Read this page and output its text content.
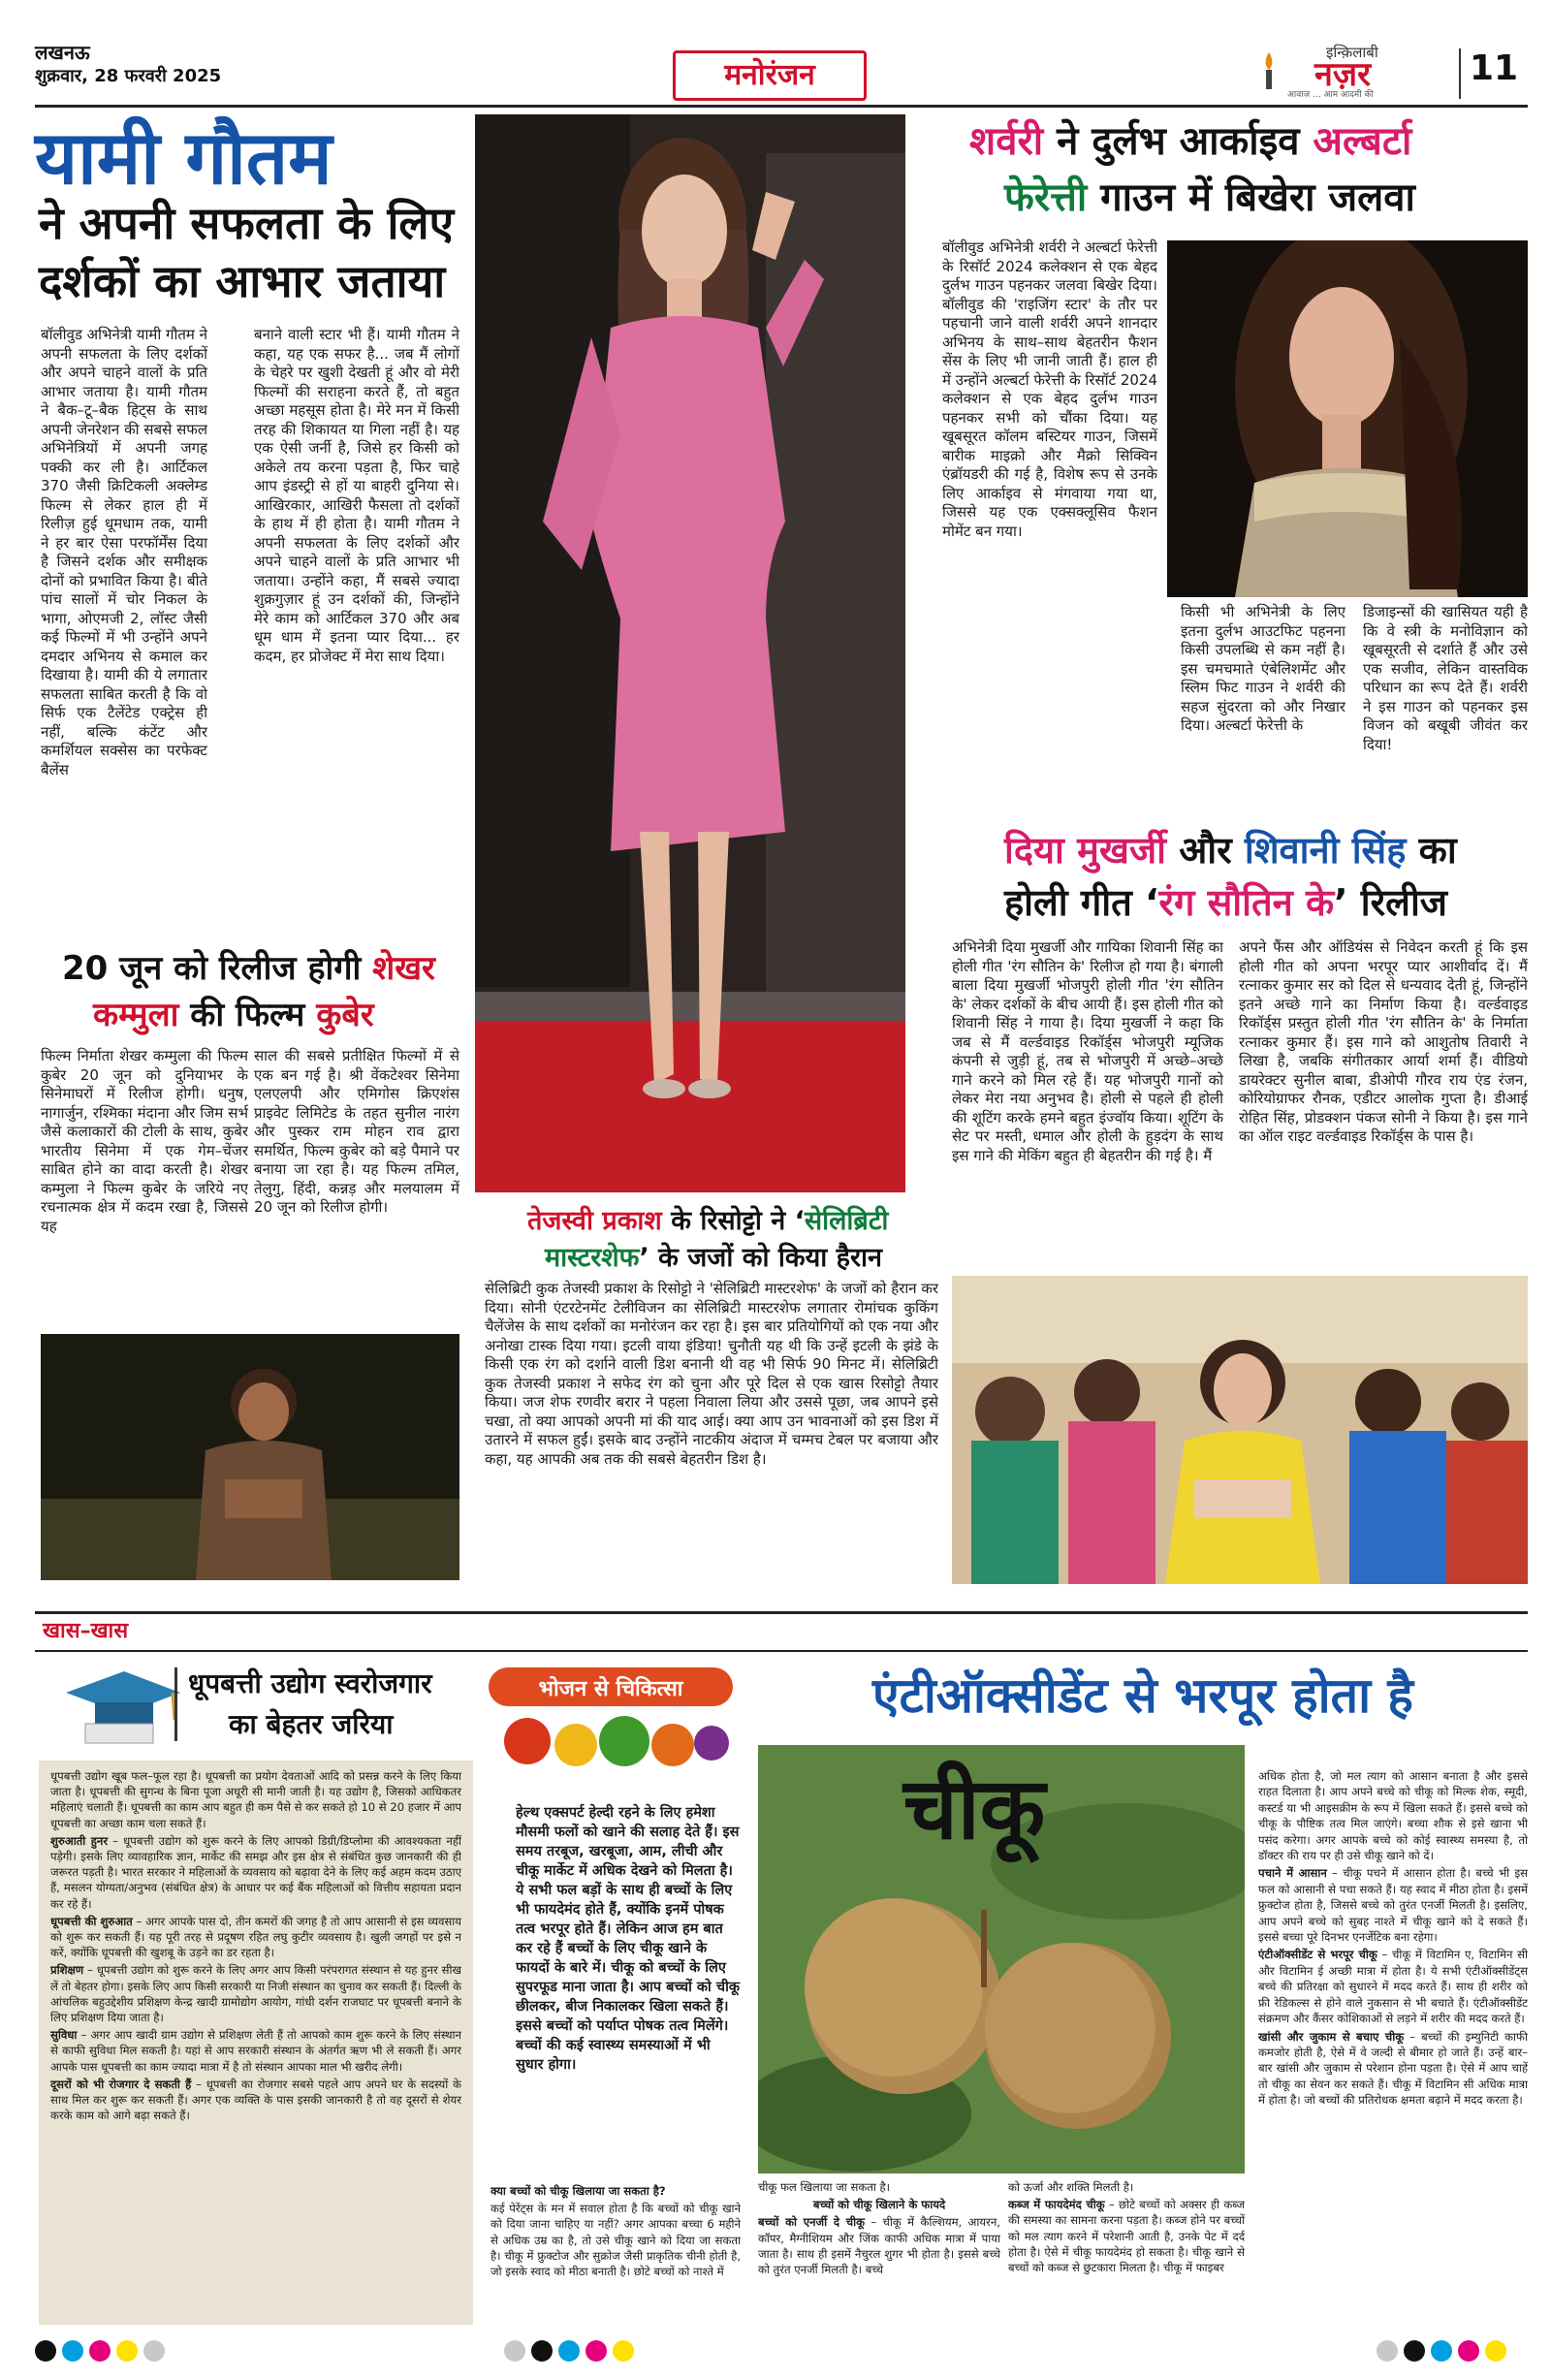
लखनऊ
शुक्रवार, 28 फरवरी 2025	मनोरंजन
इन्क़िलाबी
नज़र
आवाज़ ... आम आदमी की
11
यामी गौतम
ने अपनी सफलता के लिए
दर्शकों का आभार जताया
बॉलीवुड अभिनेत्री यामी गौतम ने अपनी सफलता के लिए दर्शकों और अपने चाहने वालों के प्रति आभार जताया है। यामी गौतम ने बैक–टू–बैक हिट्स के साथ अपनी जेनरेशन की सबसे सफल अभिनेत्रियों में अपनी जगह पक्की कर ली है। आर्टिकल 370 जैसी क्रिटिकली अक्लेम्ड फिल्म से लेकर हाल ही में रिलीज़ हुई धूमधाम तक, यामी ने हर बार ऐसा परफॉर्मेंस दिया है जिसने दर्शक और समीक्षक दोनों को प्रभावित किया है। बीते पांच सालों में चोर निकल के भागा, ओएमजी 2, लॉस्ट जैसी कई फिल्मों में भी उन्होंने अपने दमदार अभिनय से कमाल कर दिखाया है। यामी की ये लगातार सफलता साबित करती है कि वो सिर्फ एक टैलेंटेड एक्ट्रेस ही नहीं, बल्कि कंटेंट और कमर्शियल सक्सेस का परफेक्ट बैलेंस
बनाने वाली स्टार भी हैं। यामी गौतम ने कहा, यह एक सफर है... जब मैं लोगों के चेहरे पर खुशी देखती हूं और वो मेरी फिल्मों की सराहना करते हैं, तो बहुत अच्छा महसूस होता है। मेरे मन में किसी तरह की शिकायत या गिला नहीं है। यह एक ऐसी जर्नी है, जिसे हर किसी को अकेले तय करना पड़ता है, फिर चाहे आप इंडस्ट्री से हों या बाहरी दुनिया से। आखिरकार, आखिरी फैसला तो दर्शकों के हाथ में ही होता है। यामी गौतम ने अपनी सफलता के लिए दर्शकों और अपने चाहने वालों के प्रति आभार भी जताया। उन्होंने कहा, मैं सबसे ज्यादा शुक्रगुज़ार हूं उन दर्शकों की, जिन्होंने मेरे काम को आर्टिकल 370 और अब धूम धाम में इतना प्यार दिया... हर कदम, हर प्रोजेक्ट में मेरा साथ दिया।
शर्वरी ने दुर्लभ आर्काइव अल्बर्टा
फेरेत्ती गाउन में बिखेरा जलवा
बॉलीवुड अभिनेत्री शर्वरी ने अल्बर्टा फेरेत्ती के रिसॉर्ट 2024 कलेक्शन से एक बेहद दुर्लभ गाउन पहनकर जलवा बिखेर दिया। बॉलीवुड की 'राइजिंग स्टार' के तौर पर पहचानी जाने वाली शर्वरी अपने शानदार अभिनय के साथ–साथ बेहतरीन फैशन सेंस के लिए भी जानी जाती हैं। हाल ही में उन्होंने अल्बर्टा फेरेत्ती के रिसॉर्ट 2024 कलेक्शन से एक बेहद दुर्लभ गाउन पहनकर सभी को चौंका दिया। यह खूबसूरत कॉलम बस्टियर गाउन, जिसमें बारीक माइक्रो और मैक्रो सिक्विन एंब्रॉयडरी की गई है, विशेष रूप से उनके लिए आर्काइव से मंगवाया गया था, जिससे यह एक एक्सक्लूसिव फैशन मोमेंट बन गया।
किसी भी अभिनेत्री के लिए इतना दुर्लभ आउटफिट पहनना किसी उपलब्धि से कम नहीं है। इस चमचमाते एंबेलिशमेंट और स्लिम फिट गाउन ने शर्वरी की सहज सुंदरता को और निखार दिया। अल्बर्टा फेरेत्ती के
डिजाइन्सों की खासियत यही है कि वे स्त्री के मनोविज्ञान को खूबसूरती से दर्शाते हैं और उसे एक सजीव, लेकिन वास्तविक परिधान का रूप देते हैं। शर्वरी ने इस गाउन को पहनकर इस विजन को बखूबी जीवंत कर दिया!
दिया मुखर्जी और शिवानी सिंह का
होली गीत ‘रंग सौतिन के’ रिलीज
अभिनेत्री दिया मुखर्जी और गायिका शिवानी सिंह का होली गीत 'रंग सौतिन के' रिलीज हो गया है। बंगाली बाला दिया मुखर्जी भोजपुरी होली गीत 'रंग सौतिन के' लेकर दर्शकों के बीच आयी हैं। इस होली गीत को शिवानी सिंह ने गाया है। दिया मुखर्जी ने कहा कि जब से मैं वर्ल्डवाइड रिकॉर्ड्स भोजपुरी म्यूजिक कंपनी से जुड़ी हूं, तब से भोजपुरी में अच्छे–अच्छे गाने करने को मिल रहे हैं। यह भोजपुरी गानों को लेकर मेरा नया अनुभव है। होली से पहले ही होली की शूटिंग करके हमने बहुत इंज्वॉय किया। शूटिंग के सेट पर मस्ती, धमाल और होली के हुड़दंग के साथ इस गाने की मेकिंग बहुत ही बेहतरीन की गई है। मैं
अपने फैंस और ऑडियंस से निवेदन करती हूं कि इस होली गीत को अपना भरपूर प्यार आशीर्वाद दें। मैं रत्नाकर कुमार सर को दिल से धन्यवाद देती हूं, जिन्होंने इतने अच्छे गाने का निर्माण किया है। वर्ल्डवाइड रिकॉर्ड्स प्रस्तुत होली गीत 'रंग सौतिन के' के निर्माता रत्नाकर कुमार हैं। इस गाने को आशुतोष तिवारी ने लिखा है, जबकि संगीतकार आर्या शर्मा हैं। वीडियो डायरेक्टर सुनील बाबा, डीओपी गौरव राय एंड रंजन, कोरियोग्राफर रौनक, एडीटर आलोक गुप्ता है। डीआई रोहित सिंह, प्रोडक्शन पंकज सोनी ने किया है। इस गाने का ऑल राइट वर्ल्डवाइड रिकॉर्ड्स के पास है।
20 जून को रिलीज होगी शेखर
कम्मुला की फिल्म कुबेर
फिल्म निर्माता शेखर कम्मुला की फिल्म कुबेर 20 जून को दुनियाभर के सिनेमाघरों में रिलीज होगी। धनुष, नागार्जुन, रश्मिका मंदाना और जिम सर्भ जैसे कलाकारों की टोली के साथ, कुबेर भारतीय सिनेमा में एक गेम–चेंजर साबित होने का वादा करती है। शेखर कम्मुला ने फिल्म कुबेर के जरिये नए रचनात्मक क्षेत्र में कदम रखा है, जिससे यह
साल की सबसे प्रतीक्षित फिल्मों में से एक बन गई है। श्री वेंकटेश्वर सिनेमा एलएलपी और एमिगोस क्रिएशंस प्राइवेट लिमिटेड के तहत सुनील नारंग और पुस्कर राम मोहन राव द्वारा समर्थित, फिल्म कुबेर को बड़े पैमाने पर बनाया जा रहा है। यह फिल्म तमिल, तेलुगु, हिंदी, कन्नड़ और मलयालम में 20 जून को रिलीज होगी।	तेजस्वी प्रकाश के रिसोट्टो ने ‘सेलिब्रिटी
मास्टरशेफ’ के जजों को किया हैरान
सेलिब्रिटी कुक तेजस्वी प्रकाश के रिसोट्टो ने 'सेलिब्रिटी मास्टरशेफ' के जजों को हैरान कर दिया। सोनी एंटरटेनमेंट टेलीविजन का सेलिब्रिटी मास्टरशेफ लगातार रोमांचक कुकिंग चैलेंजेस के साथ दर्शकों का मनोरंजन कर रहा है। इस बार प्रतियोगियों को एक नया और अनोखा टास्क दिया गया। इटली वाया इंडिया! चुनौती यह थी कि उन्हें इटली के झंडे के किसी एक रंग को दर्शाने वाली डिश बनानी थी वह भी सिर्फ 90 मिनट में। सेलिब्रिटी कुक तेजस्वी प्रकाश ने सफेद रंग को चुना और पूरे दिल से एक खास रिसोट्टो तैयार किया। जज शेफ रणवीर बरार ने पहला निवाला लिया और उससे पूछा, जब आपने इसे चखा, तो क्या आपको अपनी मां की याद आई। क्या आप उन भावनाओं को इस डिश में उतारने में सफल हुईं। इसके बाद उन्होंने नाटकीय अंदाज में चम्मच टेबल पर बजाया और कहा, यह आपकी अब तक की सबसे बेहतरीन डिश है।
खास–खास
धूपबत्ती उद्योग स्वरोजगार
का बेहतर जरिया

धूपबत्ती उद्योग खूब फल–फूल रहा है। धूपबत्ती का प्रयोग देवताओं आदि को प्रसन्न करने के लिए किया जाता है। धूपबत्ती की सुगन्ध के बिना पूजा अधूरी सी मानी जाती है। यह उद्योग है, जिसको आधिकतर महिलाएं चलाती हैं। धूपबत्ती का काम आप बहुत ही कम पैसे से कर सकते हो 10 से 20 हजार में आप धूपबत्ती का अच्छा काम चला सकते हैं।

शुरुआती हुनर – धूपबत्ती उद्योग को शुरू करने के लिए आपको डिग्री/डिप्लोमा की आवश्यकता नहीं पड़ेगी। इसके लिए व्यावहारिक ज्ञान, मार्केट की समझ और इस क्षेत्र से संबंधित कुछ जानकारी की ही जरूरत पड़ती है। भारत सरकार ने महिलाओं के व्यवसाय को बढ़ावा देने के लिए कई अहम कदम उठाए हैं, मसलन योग्यता/अनुभव (संबंधित क्षेत्र) के आधार पर कई बैंक महिलाओं को वित्तीय सहायता प्रदान कर रहे हैं।

धूपबत्ती की शुरुआत – अगर आपके पास दो, तीन कमरों की जगह है तो आप आसानी से इस व्यवसाय को शुरू कर सकती हैं। यह पूरी तरह से प्रदूषण रहित लघु कुटीर व्यवसाय है। खुली जगहों पर इसे न करें, क्योंकि धूपबत्ती की खुशबू के उड़ने का डर रहता है।

प्रशिक्षण – धूपबत्ती उद्योग को शुरू करने के लिए अगर आप किसी परंपरागत संस्थान से यह हुनर सीख लें तो बेहतर होगा। इसके लिए आप किसी सरकारी या निजी संस्थान का चुनाव कर सकती हैं। दिल्ली के आंचलिक बहुउद्देशीय प्रशिक्षण केन्द्र खादी ग्रामोद्योग आयोग, गांधी दर्शन राजघाट पर धूपबत्ती बनाने के लिए प्रशिक्षण दिया जाता है।

सुविधा – अगर आप खादी ग्राम उद्योग से प्रशिक्षण लेती हैं तो आपको काम शुरू करने के लिए संस्थान से काफी सुविधा मिल सकती है। यहां से आप सरकारी संस्थान के अंतर्गत ऋण भी ले सकती हैं। अगर आपके पास धूपबत्ती का काम ज्यादा मात्रा में है तो संस्थान आपका माल भी खरीद लेगी।

दूसरों को भी रोजगार दे सकती हैं – धूपबत्ती का रोजगार सबसे पहले आप अपने घर के सदस्यों के साथ मिल कर शुरू कर सकती हैं। अगर एक व्यक्ति के पास इसकी जानकारी है तो वह दूसरों से शेयर करके काम को आगे बढ़ा सकते हैं।

भोजन से चिकित्सा
हेल्थ एक्सपर्ट हेल्दी रहने के लिए हमेशा मौसमी फलों को खाने की सलाह देते हैं। इस समय तरबूज, खरबूजा, आम, लीची और चीकू मार्केट में अधिक देखने को मिलता है। ये सभी फल बड़ों के साथ ही बच्चों के लिए भी फायदेमंद होते हैं, क्योंकि इनमें पोषक तत्व भरपूर होते हैं। लेकिन आज हम बात कर रहे हैं बच्चों के लिए चीकू खाने के फायदों के बारे में। चीकू को बच्चों के लिए सुपरफूड माना जाता है। आप बच्चों को चीकू छीलकर, बीज निकालकर खिला सकते हैं। इससे बच्चों को पर्याप्त पोषक तत्व मिलेंगे। बच्चों की कई स्वास्थ्य समस्याओं में भी सुधार होगा।

क्या बच्चों को चीकू खिलाया जा सकता है?

कई पेरेंट्स के मन में सवाल होता है कि बच्चों को चीकू खाने को दिया जाना चाहिए या नहीं? अगर आपका बच्चा 6 महीने से अधिक उम्र का है, तो उसे चीकू खाने को दिया जा सकता है। चीकू में फ्रुक्टोज और सुक्रोज जैसी प्राकृतिक चीनी होती है, जो इसके स्वाद को मीठा बनाती है। छोटे बच्चों को नाश्ते में

एंटीऑक्सीडेंट से भरपूर होता है
चीकू	अधिक होता है, जो मल त्याग को आसान बनाता है और इससे राहत दिलाता है। आप अपने बच्चे को चीकू को मिल्क शेक, स्मूदी, कस्टर्ड या भी आइसक्रीम के रूप में खिला सकते हैं। इससे बच्चे को चीकू के पौष्टिक तत्व मिल जाएंगे। बच्चा शौक से इसे खाना भी पसंद करेगा। अगर आपके बच्चे को कोई स्वास्थ्य समस्या है, तो डॉक्टर की राय पर ही उसे चीकू खाने को दें।

पचाने में आसान – चीकू पचने में आसान होता है। बच्चे भी इस फल को आसानी से पचा सकते हैं। यह स्वाद में मीठा होता है। इसमें फ्रुक्टोज होता है, जिससे बच्चे को तुरंत एनर्जी मिलती है। इसलिए, आप अपने बच्चे को सुबह नाश्ते में चीकू खाने को दे सकते हैं। इससे बच्चा पूरे दिनभर एनर्जेटिक बना रहेगा।

एंटीऑक्सीडेंट से भरपूर चीकू – चीकू में विटामिन ए, विटामिन सी और विटामिन ई अच्छी मात्रा में होता है। ये सभी एंटीऑक्सीडेंट्स बच्चे की प्रतिरक्षा को सुधारने में मदद करते हैं। साथ ही शरीर को फ्री रेडिकल्स से होने वाले नुकसान से भी बचाते हैं। एंटीऑक्सीडेंट संक्रमण और कैंसर कोशिकाओं से लड़ने में शरीर की मदद करते हैं।

खांसी और जुकाम से बचाए चीकू – बच्चों की इम्युनिटी काफी कमजोर होती है, ऐसे में वे जल्दी से बीमार हो जाते हैं। उन्हें बार–बार खांसी और जुकाम से परेशान होना पड़ता है। ऐसे में आप चाहें तो चीकू का सेवन कर सकते हैं। चीकू में विटामिन सी अधिक मात्रा में होता है। जो बच्चों की प्रतिरोधक क्षमता बढ़ाने में मदद करता है।

चीकू फल खिलाया जा सकता है।

बच्चों को चीकू खिलाने के फायदे

बच्चों को एनर्जी दे चीकू – चीकू में कैल्शियम, आयरन, कॉपर, मैग्नीशियम और जिंक काफी अधिक मात्रा में पाया जाता है। साथ ही इसमें नैचुरल शुगर भी होता है। इससे बच्चे को तुरंत एनर्जी मिलती है। बच्चे

को ऊर्जा और शक्ति मिलती है।

कब्ज में फायदेमंद चीकू – छोटे बच्चों को अक्सर ही कब्ज की समस्या का सामना करना पड़ता है। कब्ज होने पर बच्चों को मल त्याग करने में परेशानी आती है, उनके पेट में दर्द होता है। ऐसे में चीकू फायदेमंद हो सकता है। चीकू खाने से बच्चों को कब्ज से छुटकारा मिलता है। चीकू में फाइबर
